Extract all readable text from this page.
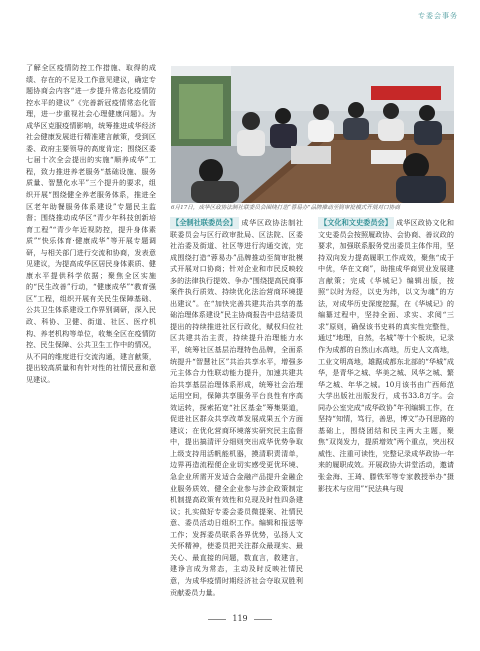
专委会事务

了解全区疫情防控工作措施、取得的成绩、存在的不足及工作意见建议，确定专题协商会内容“进一步提升常态化疫情防控水平的建议”《完善新冠疫情常态化管理，进一步重视社会心理健康问题》。为成华区克服疫情影响，统筹推进成华经济社会健康发展进行精准建言献策，受到区委、政府主要领导的高度肯定；围绕区委七届十次全会提出的实施“顺养成华”工程，致力推进养老服务“基础设施、服务质量、智慧化水平”三个提升的要求，组织开展“围绕健全养老服务体系，推进全区老年助餐服务体系建设”专题民主监督；围绕推动成华区“青少年科技创新培育工程”“青少年近视防控，提升身体素质”“快乐体育·健康成华”等开展专题调研，与相关部门进行交流和协商，发表意见建议，为提高成华区居民身体素质、健康水平提供科学依据；聚焦全区实施的“民生改善”行动，“健康成华”“教育强区”工程，组织开展有关民生保障基础、公共卫生体系建设工作界别调研，深入民政、科协、卫健、街道、社区、医疗机构、养老机构等单位，收集全区在疫情防控、民生保障、公共卫生工作中的情况，从不同的维度进行交流沟通，建言献策，提出较高质量和有针对性的社情民意和意见建议。

6月17日，成华区政协法制社联委员会围绕打造“蓉易办”品牌推动至简审批模式开展对口协商

【全制社联委员会】 成华区政协法制社联委员会与区行政审批局、区法院、区委社治委及街道、社区等进行沟通交流，完成围绕打造“蓉易办”品牌推动至简审批模式开展对口协商；针对企业和市民反映较多的法律执行提效、争办“围绕提高民商事案件执行质效、持续优化法治营商环境提出建议”。在“加快完善共建共治共享的基础治理体系建设”民主协商报告中总结委员提出的持续推进社区行政化，赋权归位社区共建共治主责，持续提升治理能力水平，统筹社区基层治理特色品牌，全面系统提升“智慧社区”共治共享水平，增强多元主体合力性联动能力提升，加速共建共治共享基层治理体系形成，统筹社会治理运用空间，保障共享服务平台良性有序高效运转，探索拓宽“社区基金”筹集渠道，促进社区群众共享改革发展成果五个方面建议；在优化营商环境落实研究民主监督中，提出搞清评分细则突出成华优势争取上级支持用活帆能机器，摸清职责清单，边界再造流程便企业切实感受更优环境、急企业所需开发适合金融产品提升金融企业服务质效、健全企业参与涉企政策制定机制提高政策有效性和兑现及时性四条建议；扎实做好专委会委员微提案、社情民意、委员活动日组织工作。编辑和报送等工作；发挥委员联系各界优势，弘扬人文关怀精神，使委员把关注群众最现实、最关心、最直接的问题，数直言，救建言，建诤言成为常态，主动及时反映社情民意，为成华疫情时期经济社会夺取双胜利贡献委员力量。

【文化和文史委员会】 成华区政协文化和文史委员会按照履政协、会协商、善议政的要求，加强联系服务党出委员主体作用，坚持双向发力提高履职工作成效，聚焦“成于中优，华在文商”，助推成华商贸业发展建言献策；完成《华城记》编辑出版，按照“以时为经，以史为纬，以文为魂”的方法，对成华历史深度挖掘，在《华城记》的编纂过程中，坚持全面、求实、求阅“三求”原则，确保该书史料的真实性完整性，通过“地理，自然，名城”等十个板块，记录作为成都的自然山水高地，历史人文高地，工业文明高地，雄踞成都东北部的“华城”成华，是青华之城、华美之城、风华之城、繁华之城、年华之城。10月该书由广西师范大学出版社出版发行，成书33.8万字。会同办公室完成“成华政协”年刊编辑工作，在坚持“知情，笃行，善思，博文”办刊思路的基础上，围绕团结和民主两大主题，聚焦“双岗发力，提质增效”两个重点，突出权威性、注重可读性，完整记录成华政协一年来的履职成效。开展政协大讲堂活动，邀请张金海、王琦、滕铁军等专家教授举办“摄影技术与应用”“民法典与现

119
